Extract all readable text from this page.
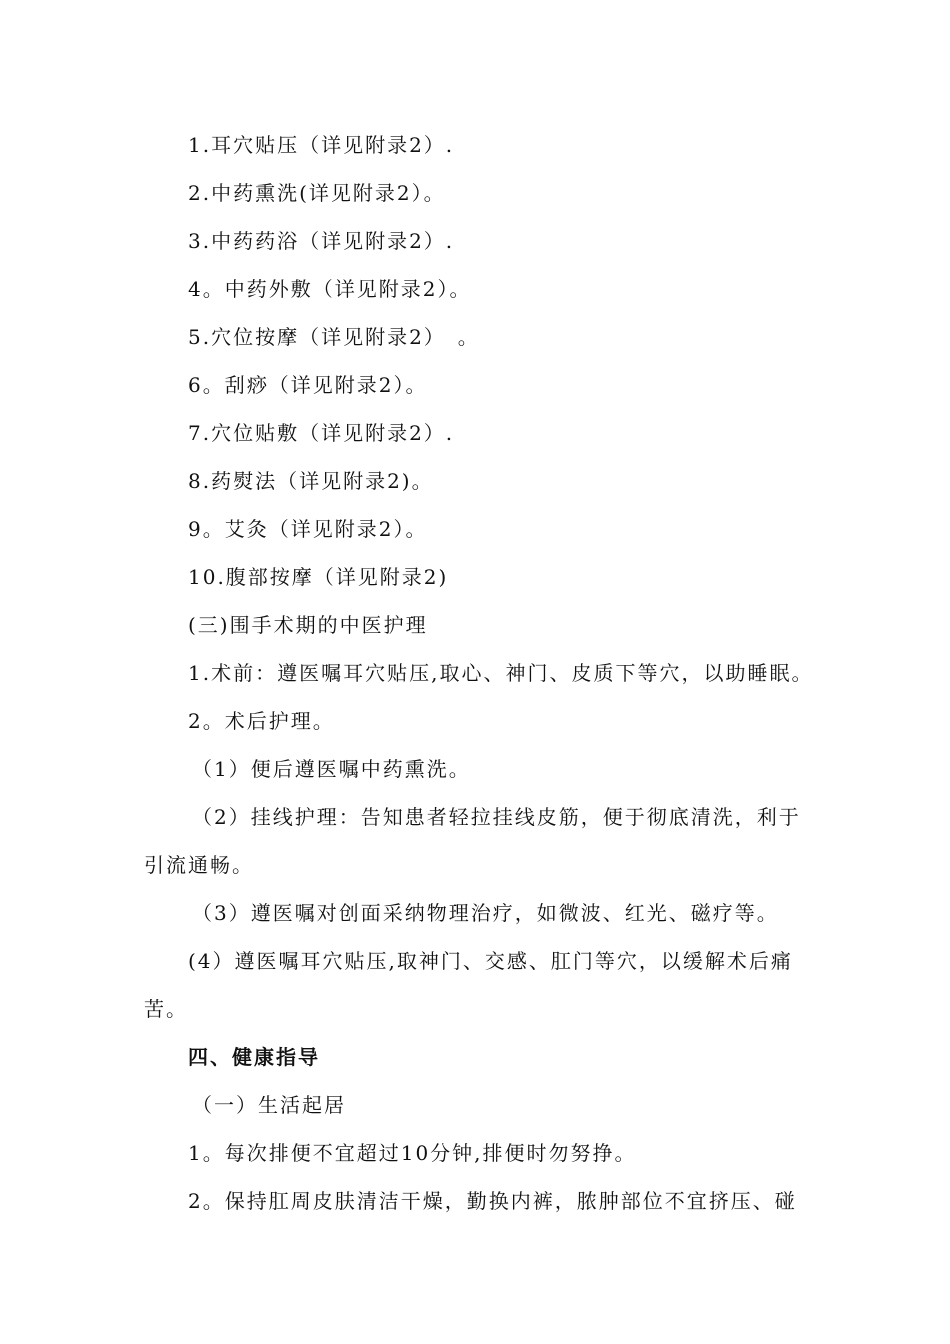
1.耳穴贴压（详见附录2）.
2.中药熏洗(详见附录2）。
3.中药药浴（详见附录2）.
4。中药外敷（详见附录2）。
5.穴位按摩（详见附录2）　。
6。刮痧（详见附录2）。
7.穴位贴敷（详见附录2）.
8.药熨法（详见附录2)。
9。艾灸（详见附录2）。
10.腹部按摩（详见附录2)
(三)围手术期的中医护理
1.术前：遵医嘱耳穴贴压,取心、神门、皮质下等穴，以助睡眠。
2。术后护理。
（1）便后遵医嘱中药熏洗。
（2）挂线护理：告知患者轻拉挂线皮筋，便于彻底清洗，利于
引流通畅。
（3）遵医嘱对创面采纳物理治疗，如微波、红光、磁疗等。
(4）遵医嘱耳穴贴压,取神门、交感、肛门等穴，以缓解术后痛
苦。
四、健康指导
（一）生活起居
1。每次排便不宜超过10分钟,排便时勿努挣。
2。保持肛周皮肤清洁干燥，勤换内裤，脓肿部位不宜挤压、碰
